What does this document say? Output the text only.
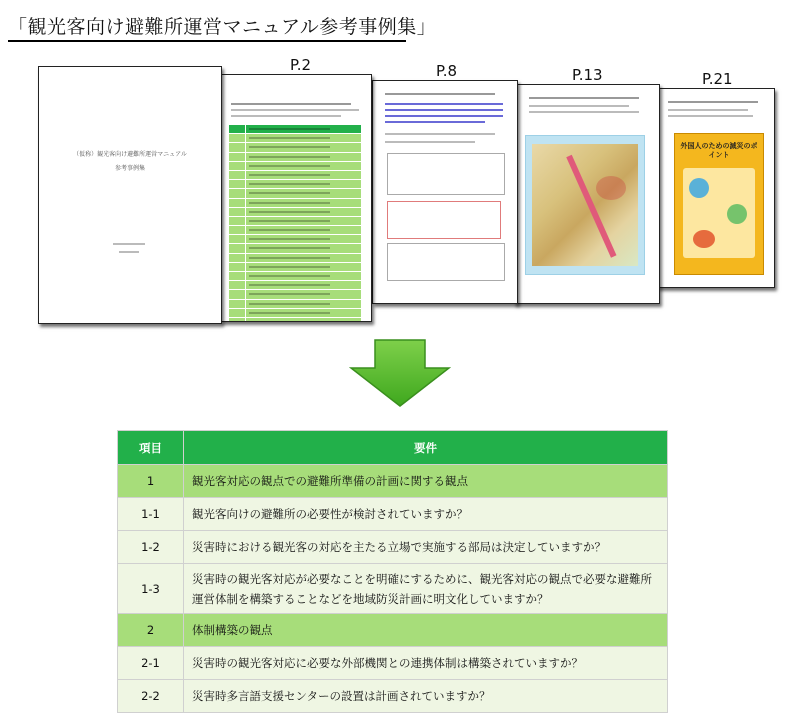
「観光客向け避難所運営マニュアル参考事例集」
外国人のための減災のポイント
P.21
P.13
P.8
P.2
（仮称）観光客向け避難所運営マニュアル
参考事例集
項目	要件
1	観光客対応の観点での避難所準備の計画に関する観点
1-1	観光客向けの避難所の必要性が検討されていますか？
1-2	災害時における観光客の対応を主たる立場で実施する部局は決定していますか？
1-3	災害時の観光客対応が必要なことを明確にするために、観光客対応の観点で必要な避難所運営体制を構築することなどを地域防災計画に明文化していますか？
2	体制構築の観点
2-1	災害時の観光客対応に必要な外部機関との連携体制は構築されていますか？
2-2	災害時多言語支援センターの設置は計画されていますか？
